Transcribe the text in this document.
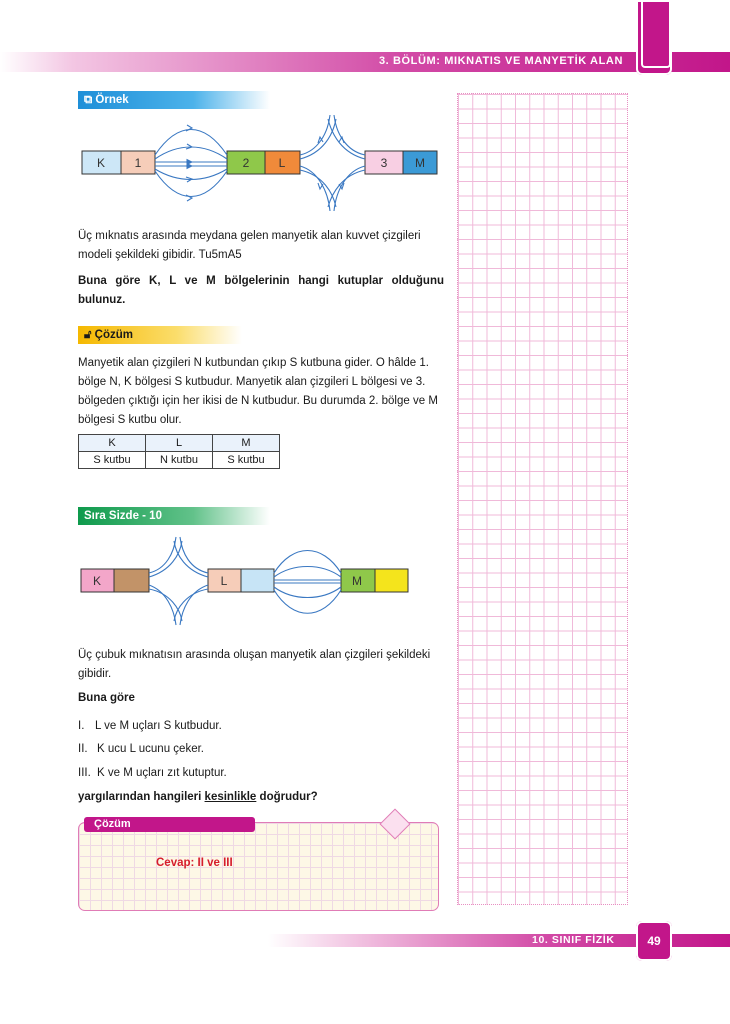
3. BÖLÜM: MIKNATIS VE MANYETİK ALAN
⧉ Örnek
K 1	2 L	3 M
Üç mıknatıs arasında meydana gelen manyetik alan kuvvet çizgileri modeli şekildeki gibidir. Tu5mA5
Buna göre K, L ve M bölgelerinin hangi kutuplar olduğunu bulunuz.
🔓︎ Çözüm
Manyetik alan çizgileri N kutbundan çıkıp S kutbuna gider. O hâlde 1. bölge N, K bölgesi S kutbudur. Manyetik alan çizgileri L bölgesi ve 3. bölgeden çıktığı için her ikisi de N kutbudur. Bu durumda 2. bölge ve M bölgesi S kutbu olur.
K	L	M
S kutbu	N kutbu	S kutbu
Sıra Sizde - 10
K	L	M
Üç çubuk mıknatısın arasında oluşan manyetik alan çizgileri şekildeki gibidir.
Buna göre
I. L ve M uçları S kutbudur.
II. K ucu L ucunu çeker.
III. K ve M uçları zıt kutuptur.
yargılarından hangileri kesinlikle doğrudur?
Çözüm
Cevap: II ve III
10. SINIF FİZİK	49
